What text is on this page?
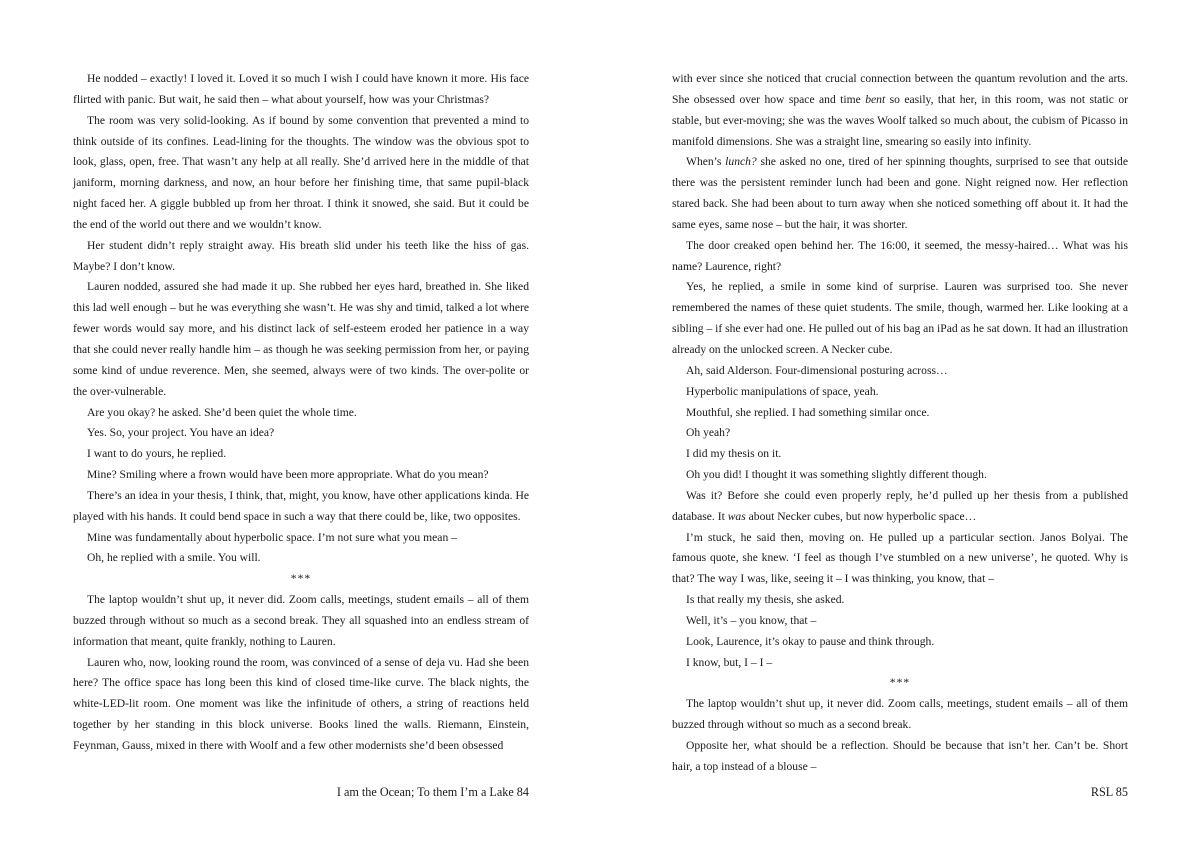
He nodded – exactly! I loved it. Loved it so much I wish I could have known it more. His face flirted with panic. But wait, he said then – what about yourself, how was your Christmas?

The room was very solid-looking. As if bound by some convention that prevented a mind to think outside of its confines. Lead-lining for the thoughts. The window was the obvious spot to look, glass, open, free. That wasn’t any help at all really. She’d arrived here in the middle of that janiform, morning darkness, and now, an hour before her finishing time, that same pupil-black night faced her. A giggle bubbled up from her throat. I think it snowed, she said. But it could be the end of the world out there and we wouldn’t know.

Her student didn’t reply straight away. His breath slid under his teeth like the hiss of gas. Maybe? I don’t know.

Lauren nodded, assured she had made it up. She rubbed her eyes hard, breathed in. She liked this lad well enough – but he was everything she wasn’t. He was shy and timid, talked a lot where fewer words would say more, and his distinct lack of self-esteem eroded her patience in a way that she could never really handle him – as though he was seeking permission from her, or paying some kind of undue reverence. Men, she seemed, always were of two kinds. The over-polite or the over-vulnerable.

Are you okay? he asked. She’d been quiet the whole time.

Yes. So, your project. You have an idea?

I want to do yours, he replied.

Mine? Smiling where a frown would have been more appropriate. What do you mean?

There’s an idea in your thesis, I think, that, might, you know, have other applications kinda. He played with his hands. It could bend space in such a way that there could be, like, two opposites.

Mine was fundamentally about hyperbolic space. I’m not sure what you mean –

Oh, he replied with a smile. You will.

***

The laptop wouldn’t shut up, it never did. Zoom calls, meetings, student emails – all of them buzzed through without so much as a second break. They all squashed into an endless stream of information that meant, quite frankly, nothing to Lauren.

Lauren who, now, looking round the room, was convinced of a sense of deja vu. Had she been here? The office space has long been this kind of closed time-like curve. The black nights, the white-LED-lit room. One moment was like the infinitude of others, a string of reactions held together by her standing in this block universe. Books lined the walls. Riemann, Einstein, Feynman, Gauss, mixed in there with Woolf and a few other modernists she’d been obsessed

I am the Ocean; To them I’m a Lake 84

with ever since she noticed that crucial connection between the quantum revolution and the arts. She obsessed over how space and time bent so easily, that her, in this room, was not static or stable, but ever-moving; she was the waves Woolf talked so much about, the cubism of Picasso in manifold dimensions. She was a straight line, smearing so easily into infinity.

When’s lunch? she asked no one, tired of her spinning thoughts, surprised to see that outside there was the persistent reminder lunch had been and gone. Night reigned now. Her reflection stared back. She had been about to turn away when she noticed something off about it. It had the same eyes, same nose – but the hair, it was shorter.

The door creaked open behind her. The 16:00, it seemed, the messy-haired… What was his name? Laurence, right?

Yes, he replied, a smile in some kind of surprise. Lauren was surprised too. She never remembered the names of these quiet students. The smile, though, warmed her. Like looking at a sibling – if she ever had one. He pulled out of his bag an iPad as he sat down. It had an illustration already on the unlocked screen. A Necker cube.

Ah, said Alderson. Four-dimensional posturing across…

Hyperbolic manipulations of space, yeah.

Mouthful, she replied. I had something similar once.

Oh yeah?

I did my thesis on it.

Oh you did! I thought it was something slightly different though.

Was it? Before she could even properly reply, he’d pulled up her thesis from a published database. It was about Necker cubes, but now hyperbolic space…

I’m stuck, he said then, moving on. He pulled up a particular section. Janos Bolyai. The famous quote, she knew. ‘I feel as though I’ve stumbled on a new universe’, he quoted. Why is that? The way I was, like, seeing it – I was thinking, you know, that –

Is that really my thesis, she asked.

Well, it’s – you know, that –

Look, Laurence, it’s okay to pause and think through.

I know, but, I – I –

***

The laptop wouldn’t shut up, it never did. Zoom calls, meetings, student emails – all of them buzzed through without so much as a second break.

Opposite her, what should be a reflection. Should be because that isn’t her. Can’t be. Short hair, a top instead of a blouse –

RSL 85
